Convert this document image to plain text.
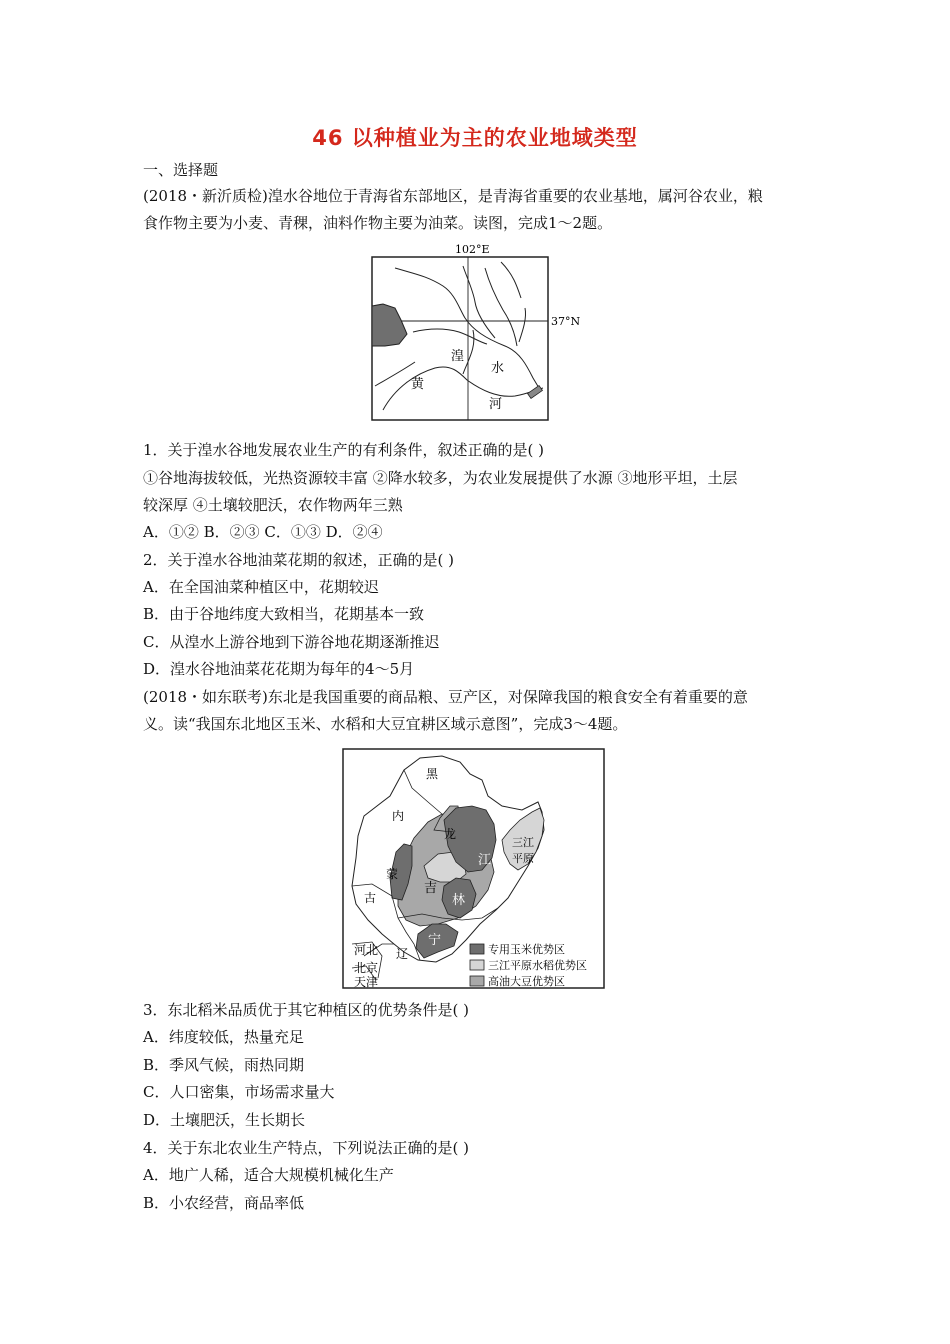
46 以种植业为主的农业地域类型
一、选择题
(2018・新沂质检)湟水谷地位于青海省东部地区，是青海省重要的农业基地，属河谷农业，粮
食作物主要为小麦、青稞，油料作物主要为油菜。读图，完成1～2题。
102°E
37°N
湟
水
黄
河
1．关于湟水谷地发展农业生产的有利条件，叙述正确的是( )
①谷地海拔较低，光热资源较丰富 ②降水较多，为农业发展提供了水源 ③地形平坦，土层
较深厚 ④土壤较肥沃，农作物两年三熟
A．①② B．②③ C．①③ D．②④
2．关于湟水谷地油菜花期的叙述，正确的是( )
A．在全国油菜种植区中，花期较迟
B．由于谷地纬度大致相当，花期基本一致
C．从湟水上游谷地到下游谷地花期逐渐推迟
D．湟水谷地油菜花花期为每年的4～5月
(2018・如东联考)东北是我国重要的商品粮、豆产区，对保障我国的粮食安全有着重要的意
义。读“我国东北地区玉米、水稻和大豆宜耕区域示意图”，完成3～4题。
黑
龙
内
江
三江
平原
蒙
吉
林
古
河北 辽
宁
北京
天津
专用玉米优势区
三江平原水稻优势区
高油大豆优势区
3．东北稻米品质优于其它种植区的优势条件是( )
A．纬度较低，热量充足
B．季风气候，雨热同期
C．人口密集，市场需求量大
D．土壤肥沃，生长期长
4．关于东北农业生产特点，下列说法正确的是( )
A．地广人稀，适合大规模机械化生产
B．小农经营，商品率低
